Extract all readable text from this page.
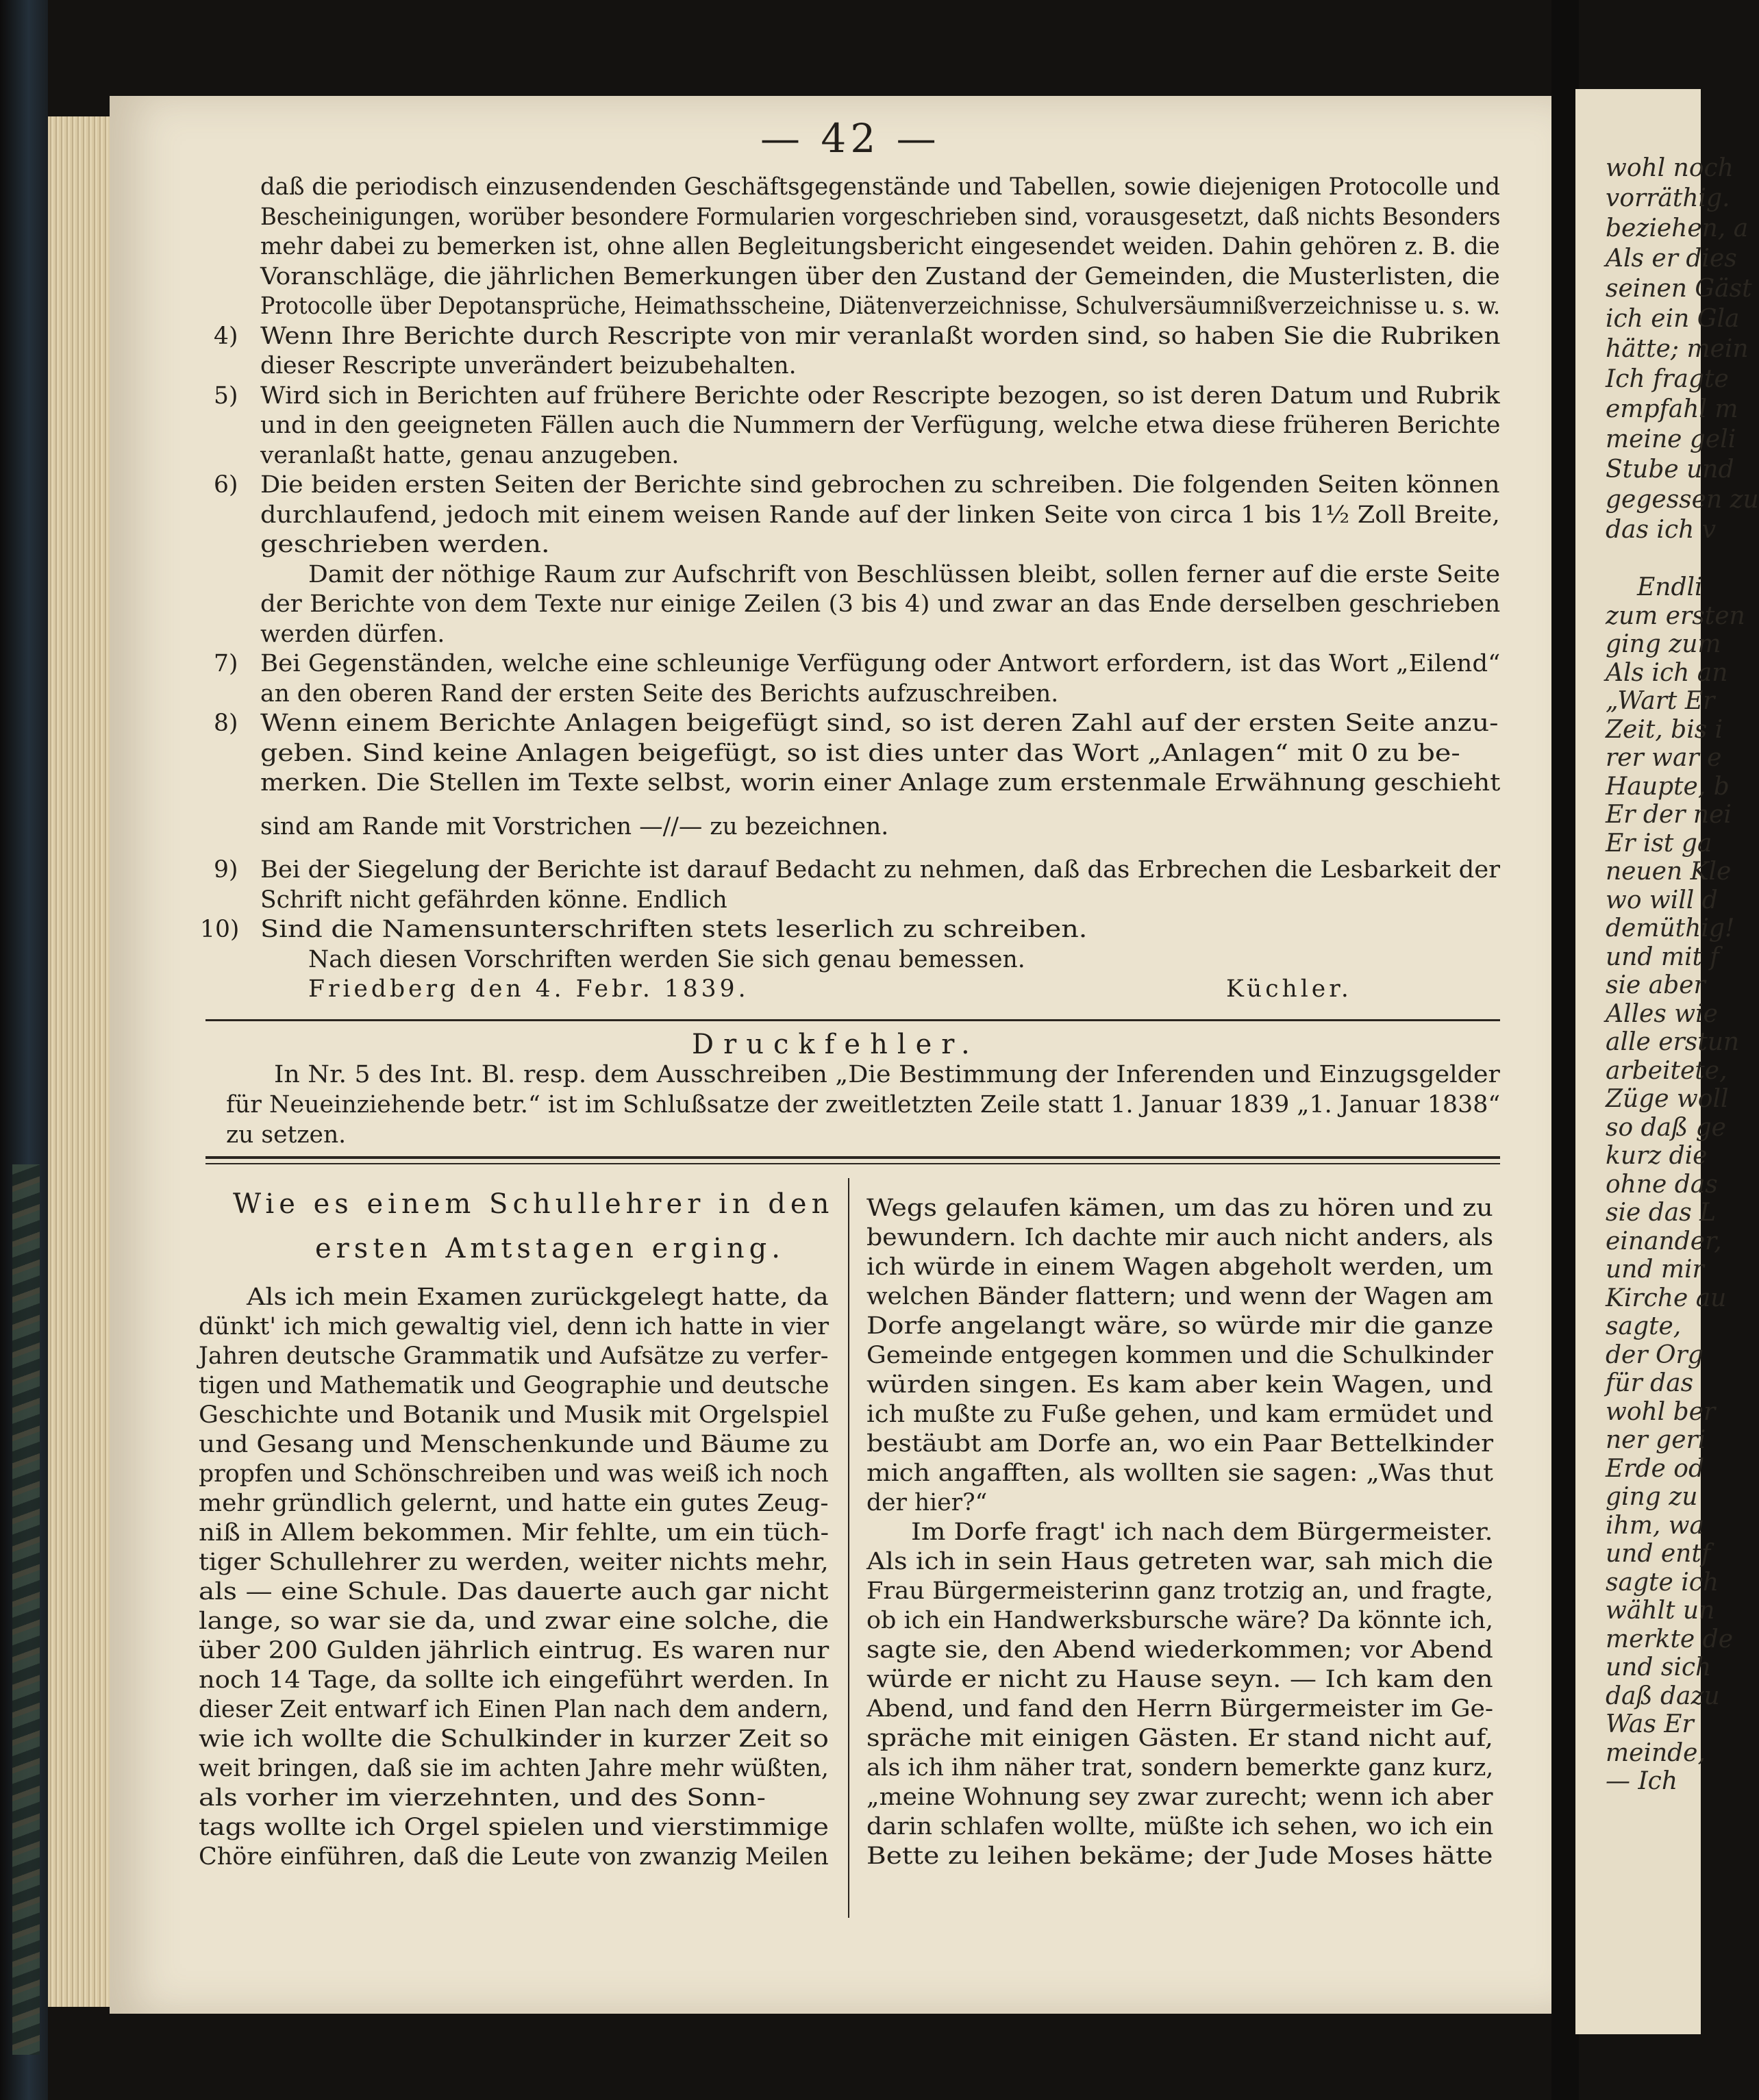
wohl noch
vorräthig.
beziehen, a
Als er dies
seinen Gäst
ich ein Gla
hätte; mein
Ich fragte
empfahl m
meine geli
Stube und
gegessen zu
das ich v
Endli
zum ersten
ging zum
Als ich an
„Wart Er
Zeit, bis i
rer war e
Haupte, b
Er der nei
Er ist ga
neuen Kle
wo will d
demüthig!
und mit f
sie aber
Alles wie
alle erstun
arbeitete,
Züge woll
so daß ge
kurz die
ohne das
sie das L
einander,
und mir
Kirche au
sagte,
der Org
für das
wohl ber
ner geri
Erde od
ging zu
ihm, wa
und entf
sagte ich
wählt un
merkte de
und sich
daß dazu
Was Er
meinde,
— Ich
— 42 —
daß die periodisch einzusendenden Geschäftsgegenstände und Tabellen, sowie diejenigen Protocolle und
Bescheinigungen, worüber besondere Formularien vorgeschrieben sind, vorausgesetzt, daß nichts Besonders
mehr dabei zu bemerken ist, ohne allen Begleitungsbericht eingesendet weiden. Dahin gehören z. B. die
Voranschläge, die jährlichen Bemerkungen über den Zustand der Gemeinden, die Musterlisten, die
Protocolle über Depotansprüche, Heimathsscheine, Diätenverzeichnisse, Schulversäumnißverzeichnisse u. s. w.
4) Wenn Ihre Berichte durch Rescripte von mir veranlaßt worden sind, so haben Sie die Rubriken
dieser Rescripte unverändert beizubehalten.
5) Wird sich in Berichten auf frühere Berichte oder Rescripte bezogen, so ist deren Datum und Rubrik
und in den geeigneten Fällen auch die Nummern der Verfügung, welche etwa diese früheren Berichte
veranlaßt hatte, genau anzugeben.
6) Die beiden ersten Seiten der Berichte sind gebrochen zu schreiben. Die folgenden Seiten können
durchlaufend, jedoch mit einem weisen Rande auf der linken Seite von circa 1 bis 1½ Zoll Breite,
geschrieben werden.
Damit der nöthige Raum zur Aufschrift von Beschlüssen bleibt, sollen ferner auf die erste Seite
der Berichte von dem Texte nur einige Zeilen (3 bis 4) und zwar an das Ende derselben geschrieben
werden dürfen.
7) Bei Gegenständen, welche eine schleunige Verfügung oder Antwort erfordern, ist das Wort „Eilend“
an den oberen Rand der ersten Seite des Berichts aufzuschreiben.
8) Wenn einem Berichte Anlagen beigefügt sind, so ist deren Zahl auf der ersten Seite anzu-
geben. Sind keine Anlagen beigefügt, so ist dies unter das Wort „Anlagen“ mit 0 zu be-
merken. Die Stellen im Texte selbst, worin einer Anlage zum erstenmale Erwähnung geschieht
sind am Rande mit Vorstrichen —//— zu bezeichnen.
9) Bei der Siegelung der Berichte ist darauf Bedacht zu nehmen, daß das Erbrechen die Lesbarkeit der
Schrift nicht gefährden könne. Endlich
10) Sind die Namensunterschriften stets leserlich zu schreiben.
Nach diesen Vorschriften werden Sie sich genau bemessen.
Friedberg den 4. Febr. 1839.	Küchler.
Druckfehler.
In Nr. 5 des Int. Bl. resp. dem Ausschreiben „Die Bestimmung der Inferenden und Einzugsgelder
für Neueinziehende betr.“ ist im Schlußsatze der zweitletzten Zeile statt 1. Januar 1839 „1. Januar 1838“
zu setzen.
Wie es einem Schullehrer in den
ersten Amtstagen erging.
Als ich mein Examen zurückgelegt hatte, da
dünkt' ich mich gewaltig viel, denn ich hatte in vier
Jahren deutsche Grammatik und Aufsätze zu verfer-
tigen und Mathematik und Geographie und deutsche
Geschichte und Botanik und Musik mit Orgelspiel
und Gesang und Menschenkunde und Bäume zu
propfen und Schönschreiben und was weiß ich noch
mehr gründlich gelernt, und hatte ein gutes Zeug-
niß in Allem bekommen. Mir fehlte, um ein tüch-
tiger Schullehrer zu werden, weiter nichts mehr,
als — eine Schule. Das dauerte auch gar nicht
lange, so war sie da, und zwar eine solche, die
über 200 Gulden jährlich eintrug. Es waren nur
noch 14 Tage, da sollte ich eingeführt werden. In
dieser Zeit entwarf ich Einen Plan nach dem andern,
wie ich wollte die Schulkinder in kurzer Zeit so
weit bringen, daß sie im achten Jahre mehr wüßten,
als vorher im vierzehnten, und des Sonn-
tags wollte ich Orgel spielen und vierstimmige
Chöre einführen, daß die Leute von zwanzig Meilen
Wegs gelaufen kämen, um das zu hören und zu
bewundern. Ich dachte mir auch nicht anders, als
ich würde in einem Wagen abgeholt werden, um
welchen Bänder flattern; und wenn der Wagen am
Dorfe angelangt wäre, so würde mir die ganze
Gemeinde entgegen kommen und die Schulkinder
würden singen. Es kam aber kein Wagen, und
ich mußte zu Fuße gehen, und kam ermüdet und
bestäubt am Dorfe an, wo ein Paar Bettelkinder
mich angafften, als wollten sie sagen: „Was thut
der hier?“
Im Dorfe fragt' ich nach dem Bürgermeister.
Als ich in sein Haus getreten war, sah mich die
Frau Bürgermeisterinn ganz trotzig an, und fragte,
ob ich ein Handwerksbursche wäre? Da könnte ich,
sagte sie, den Abend wiederkommen; vor Abend
würde er nicht zu Hause seyn. — Ich kam den
Abend, und fand den Herrn Bürgermeister im Ge-
spräche mit einigen Gästen. Er stand nicht auf,
als ich ihm näher trat, sondern bemerkte ganz kurz,
„meine Wohnung sey zwar zurecht; wenn ich aber
darin schlafen wollte, müßte ich sehen, wo ich ein
Bette zu leihen bekäme; der Jude Moses hätte
